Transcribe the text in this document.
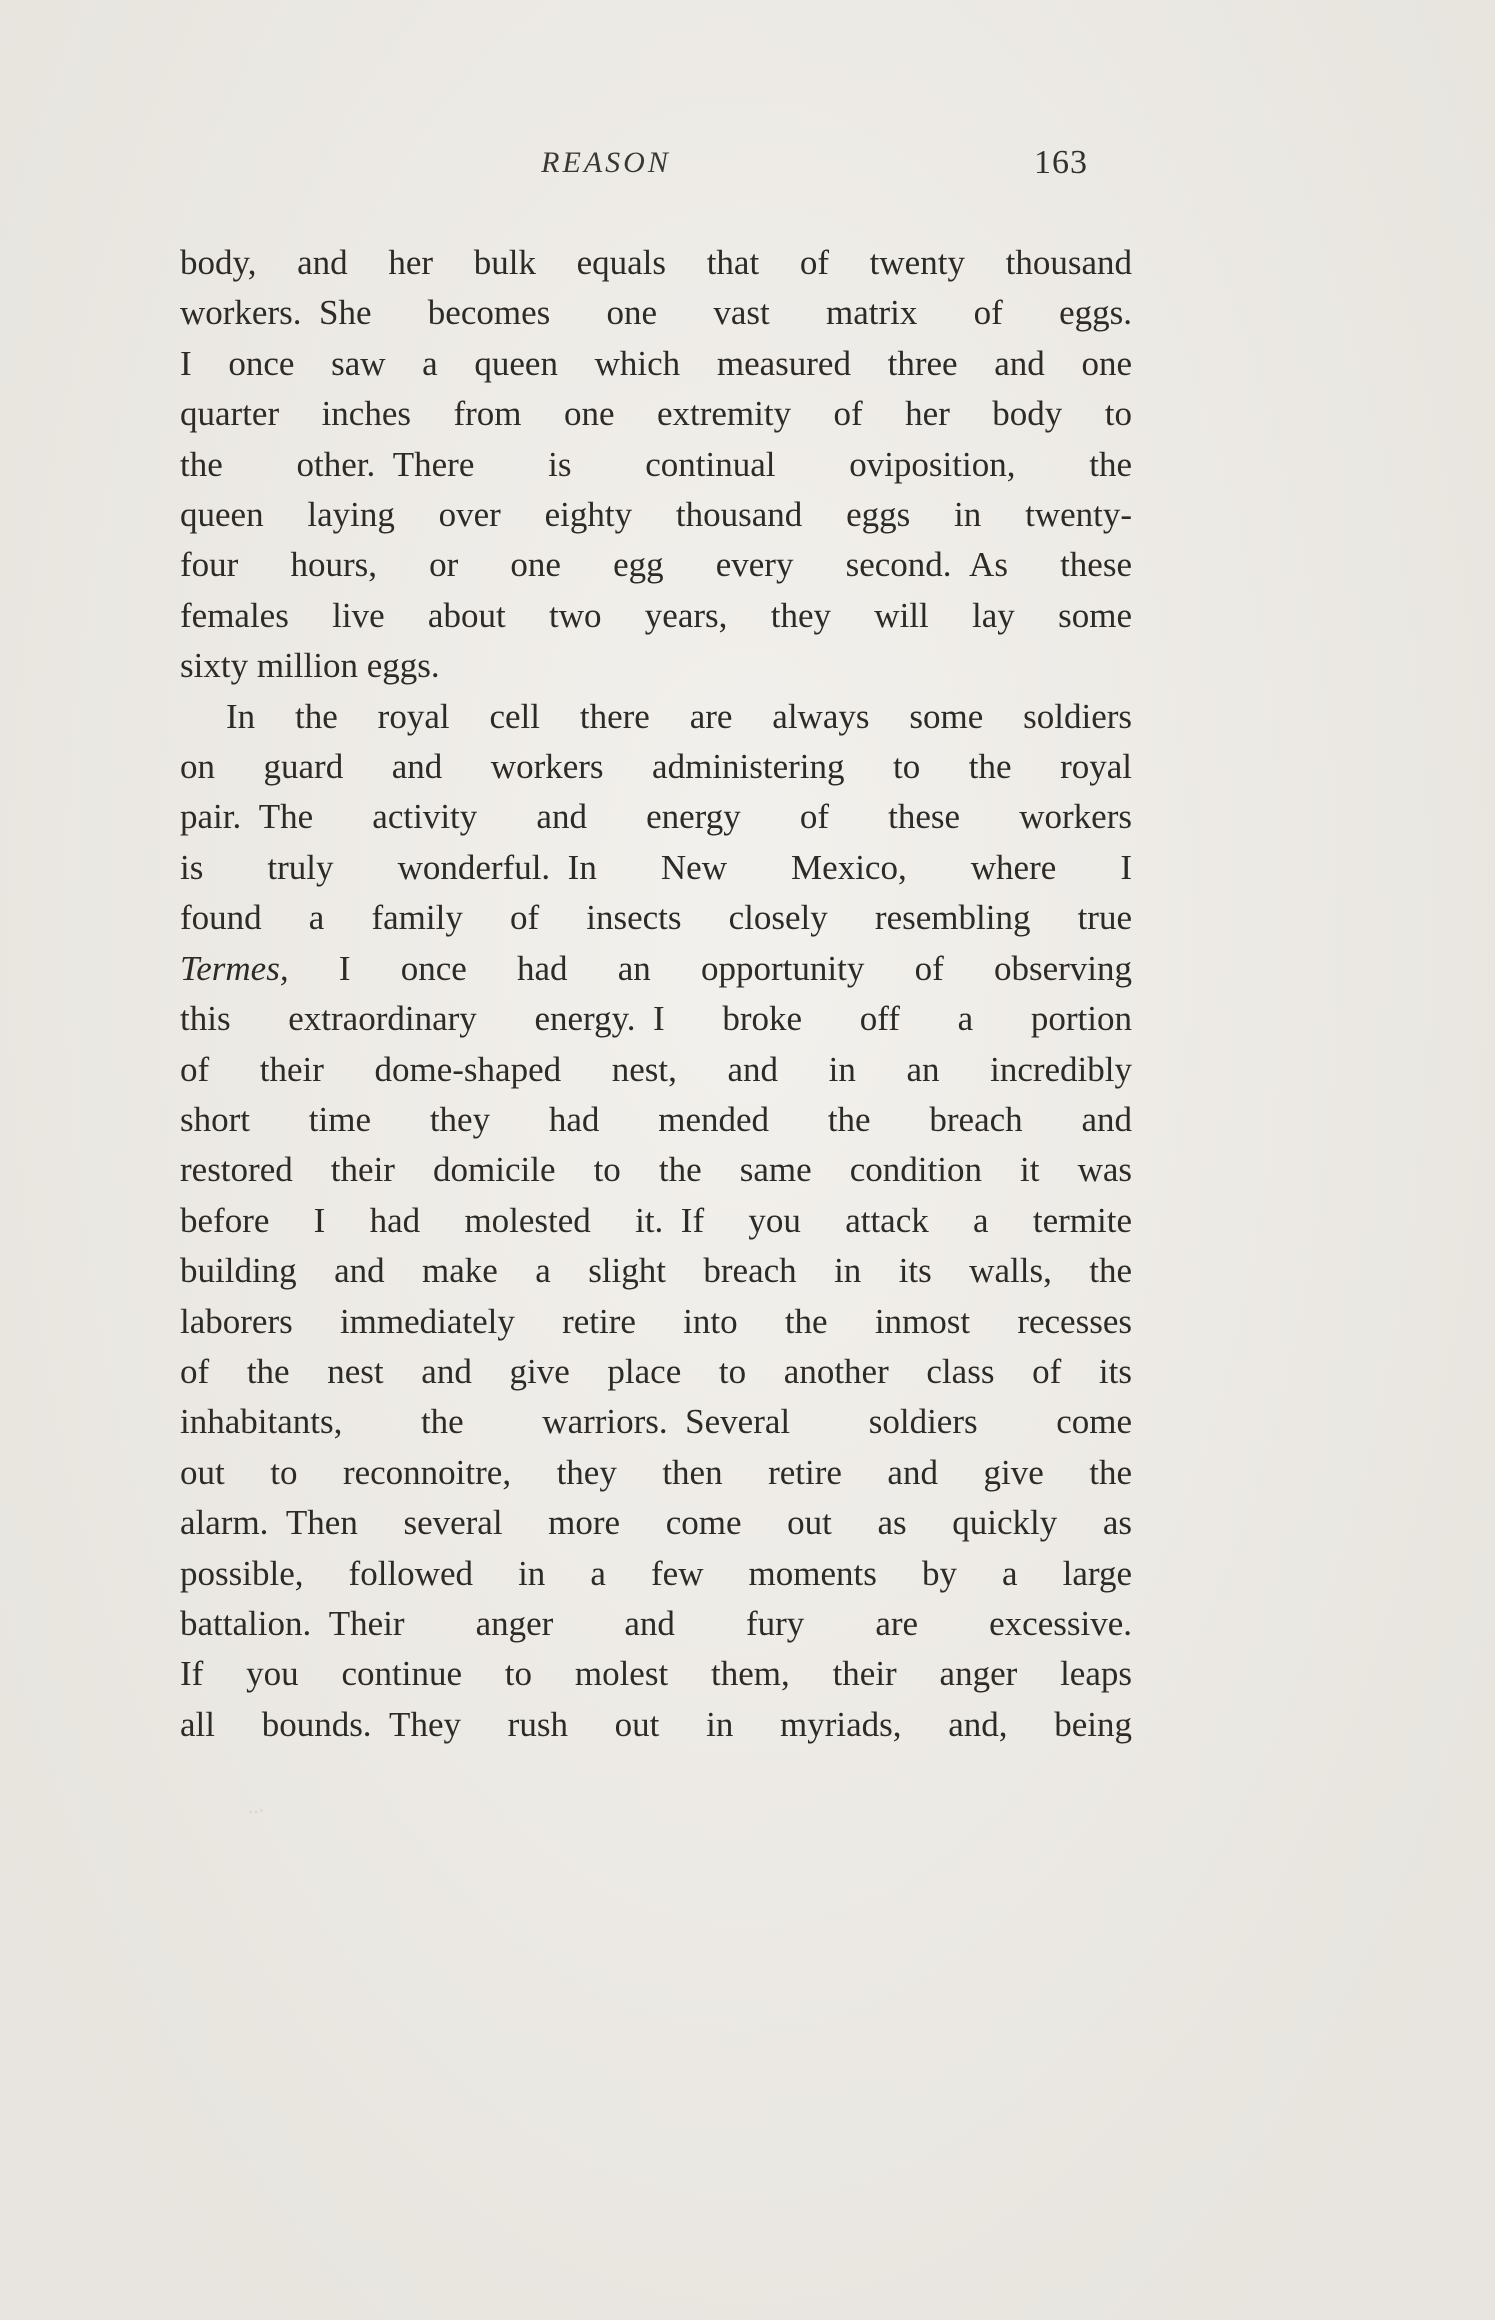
REASON	163
body, and her bulk equals that of twenty thousand
workers. She becomes one vast matrix of eggs.
I once saw a queen which measured three and one
quarter inches from one extremity of her body to
the other. There is continual oviposition, the
queen laying over eighty thousand eggs in twenty-
four hours, or one egg every second. As these
females live about two years, they will lay some
sixty million eggs.
In the royal cell there are always some soldiers
on guard and workers administering to the royal
pair. The activity and energy of these workers
is truly wonderful. In New Mexico, where I
found a family of insects closely resembling true
Termes, I once had an opportunity of observing
this extraordinary energy. I broke off a portion
of their dome-shaped nest, and in an incredibly
short time they had mended the breach and
restored their domicile to the same condition it was
before I had molested it. If you attack a termite
building and make a slight breach in its walls, the
laborers immediately retire into the inmost recesses
of the nest and give place to another class of its
inhabitants, the warriors. Several soldiers come
out to reconnoitre, they then retire and give the
alarm. Then several more come out as quickly as
possible, followed in a few moments by a large
battalion. Their anger and fury are excessive.
If you continue to molest them, their anger leaps
all bounds. They rush out in myriads, and, being
‥˔
